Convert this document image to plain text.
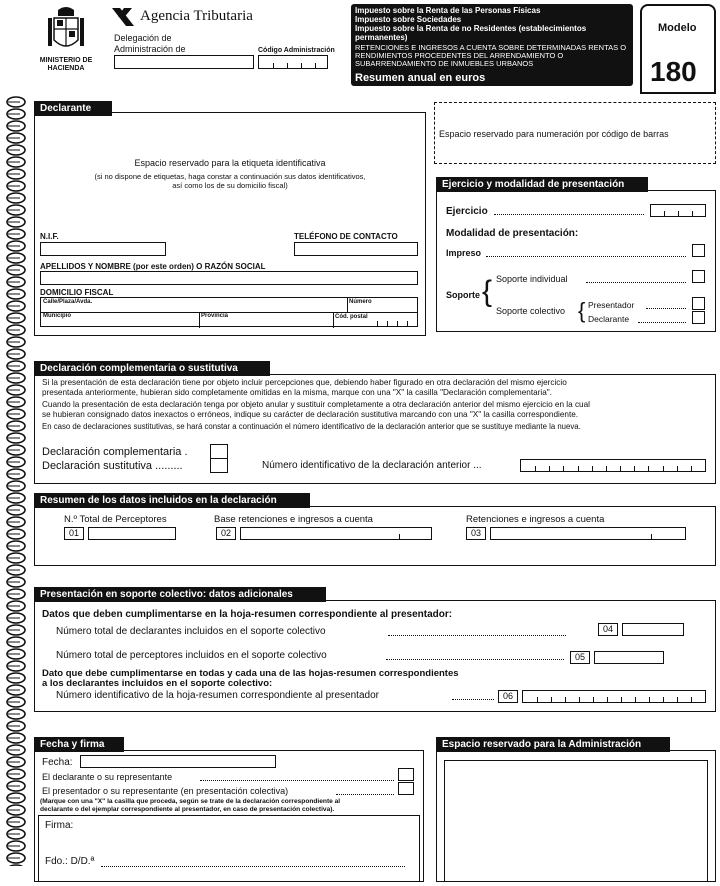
MINISTERIO DE HACIENDA
Agencia Tributaria
Delegación de
Administración de	Código Administración
Impuesto sobre la Renta de las Personas Físicas
Impuesto sobre Sociedades
Impuesto sobre la Renta de no Residentes (establecimientos permanentes)
RETENCIONES E INGRESOS A CUENTA SOBRE DETERMINADAS RENTAS O RENDIMIENTOS PROCEDENTES DEL ARRENDAMIENTO O SUBARRENDAMIENTO DE INMUEBLES URBANOS
Resumen anual en euros
Modelo
180
Declarante
Espacio reservado para la etiqueta identificativa
(si no dispone de etiquetas, haga constar a continuación sus datos identificativos,
así como los de su domicilio fiscal)
N.I.F.	TELÉFONO DE CONTACTO
APELLIDOS Y NOMBRE (por este orden) O RAZÓN SOCIAL
DOMICILIO FISCAL
Calle/Plaza/Avda.	Número
Municipio	Provincia	Cód. postal
Espacio reservado para numeración por código de barras
Ejercicio y modalidad de presentación
Ejercicio
Modalidad de presentación:
Impreso
Soporte { Soporte individual
Soporte colectivo { Presentador
Declarante
Declaración complementaria o sustitutiva
Si la presentación de esta declaración tiene por objeto incluir percepciones que, debiendo haber figurado en otra declaración del mismo ejercicio
presentada anteriormente, hubieran sido completamente omitidas en la misma, marque con una "X" la casilla "Declaración complementaria".
Cuando la presentación de esta declaración tenga por objeto anular y sustituir completamente a otra declaración anterior del mismo ejercicio en la cual
se hubieran consignado datos inexactos o erróneos, indique su carácter de declaración sustitutiva marcando con una "X" la casilla correspondiente.
En caso de declaraciones sustitutivas, se hará constar a continuación el número identificativo de la declaración anterior que se sustituye mediante la nueva.
Declaración complementaria .
Declaración sustitutiva .........	Número identificativo de la declaración anterior ...
Resumen de los datos incluidos en la declaración
N.º Total de Perceptores	Base retenciones e ingresos a cuenta	Retenciones e ingresos a cuenta
01	02	03
Presentación en soporte colectivo: datos adicionales
Datos que deben cumplimentarse en la hoja-resumen correspondiente al presentador:
Número total de declarantes incluidos en el soporte colectivo	04
Número total de perceptores incluidos en el soporte colectivo	05
Dato que debe cumplimentarse en todas y cada una de las hojas-resumen correspondientes
a los declarantes incluidos en el soporte colectivo:
Número identificativo de la hoja-resumen correspondiente al presentador	06
Fecha y firma
Fecha:
El declarante o su representante
El presentador o su representante (en presentación colectiva)
(Marque con una "X" la casilla que proceda, según se trate de la declaración correspondiente al
declarante o del ejemplar correspondiente al presentador, en caso de presentación colectiva).
Firma:
Fdo.: D/D.ª
Espacio reservado para la Administración
